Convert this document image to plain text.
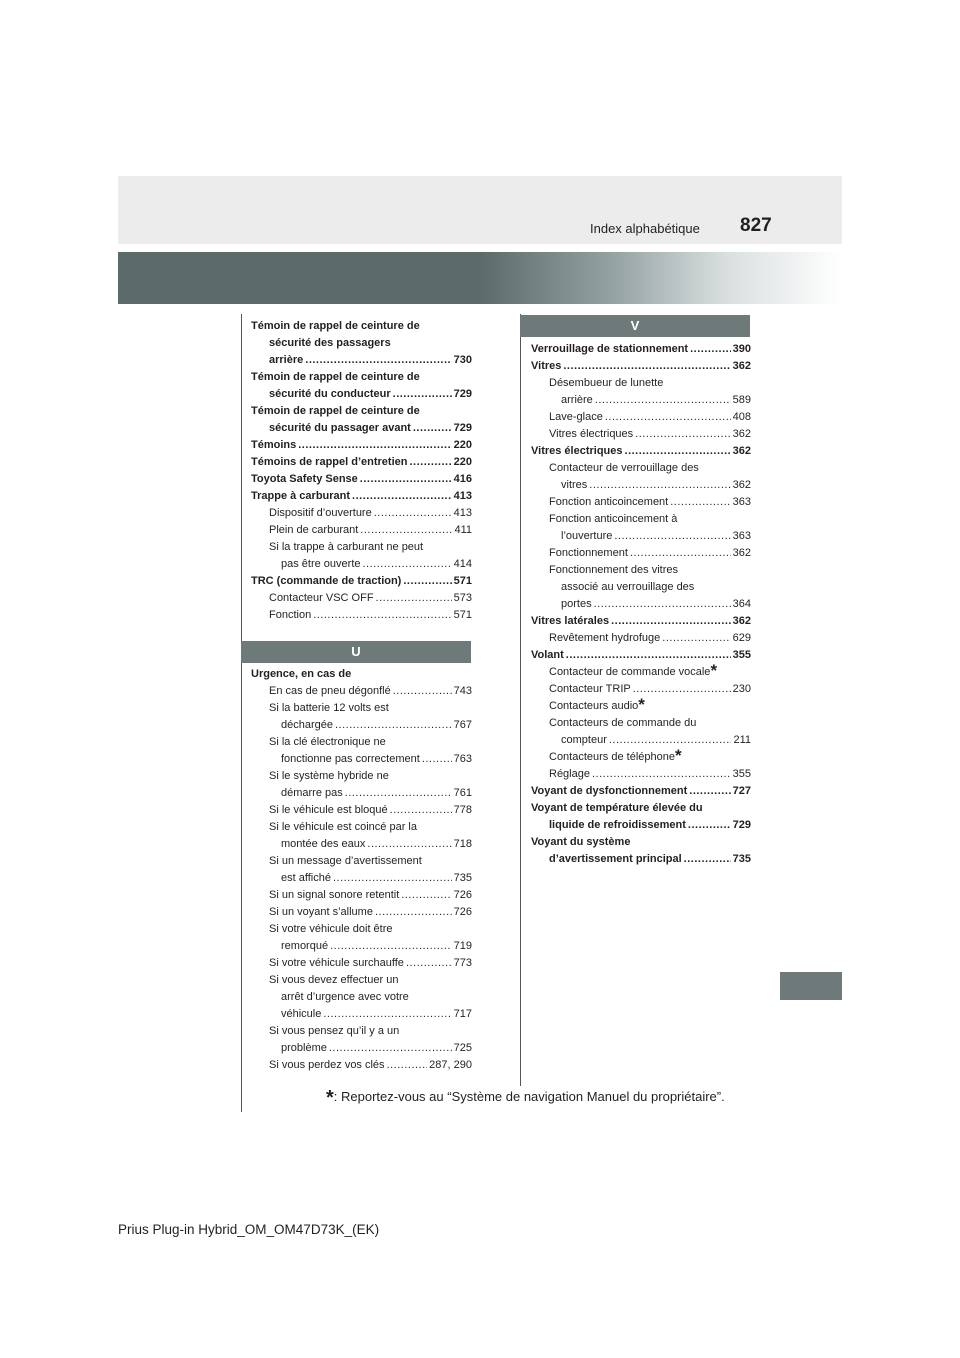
827
Index alphabétique
Témoin de rappel de ceinture de
sécurité des passagers
arrière .....	730
Témoin de rappel de ceinture de
sécurité du conducteur .....	729
Témoin de rappel de ceinture de
sécurité du passager avant .....	729
Témoins .....	220
Témoins de rappel d’entretien .....	220
Toyota Safety Sense .....	416
Trappe à carburant .....	413
Dispositif d’ouverture .....	413
Plein de carburant .....	411
Si la trappe à carburant ne peut
pas être ouverte .....	414
TRC (commande de traction) .....	571
Contacteur VSC OFF .....	573
Fonction .....	571
U
Urgence, en cas de
En cas de pneu dégonflé .....	743
Si la batterie 12 volts est
déchargée .....	767
Si la clé électronique ne
fonctionne pas correctement .....	763
Si le système hybride ne
démarre pas .....	761
Si le véhicule est bloqué .....	778
Si le véhicule est coincé par la
montée des eaux .....	718
Si un message d’avertissement
est affiché .....	735
Si un signal sonore retentit .....	726
Si un voyant s’allume .....	726
Si votre véhicule doit être
remorqué .....	719
Si votre véhicule surchauffe .....	773
Si vous devez effectuer un
arrêt d’urgence avec votre
véhicule .....	717
Si vous pensez qu’il y a un
problème .....	725
Si vous perdez vos clés .....	287, 290
V
Verrouillage de stationnement .....	390
Vitres .....	362
Désembueur de lunette
arrière .....	589
Lave-glace .....	408
Vitres électriques .....	362
Vitres électriques .....	362
Contacteur de verrouillage des
vitres .....	362
Fonction anticoincement .....	363
Fonction anticoincement à
l’ouverture .....	363
Fonctionnement .....	362
Fonctionnement des vitres
associé au verrouillage des
portes .....	364
Vitres latérales .....	362
Revêtement hydrofuge .....	629
Volant .....	355
Contacteur de commande vocale*
Contacteur TRIP .....	230
Contacteurs audio*
Contacteurs de commande du
compteur .....	211
Contacteurs de téléphone*
Réglage .....	355
Voyant de dysfonctionnement .....	727
Voyant de température élevée du
liquide de refroidissement .....	729
Voyant du système
d’avertissement principal .....	735
*: Reportez-vous au “Système de navigation Manuel du propriétaire”.
Prius Plug-in Hybrid_OM_OM47D73K_(EK)
